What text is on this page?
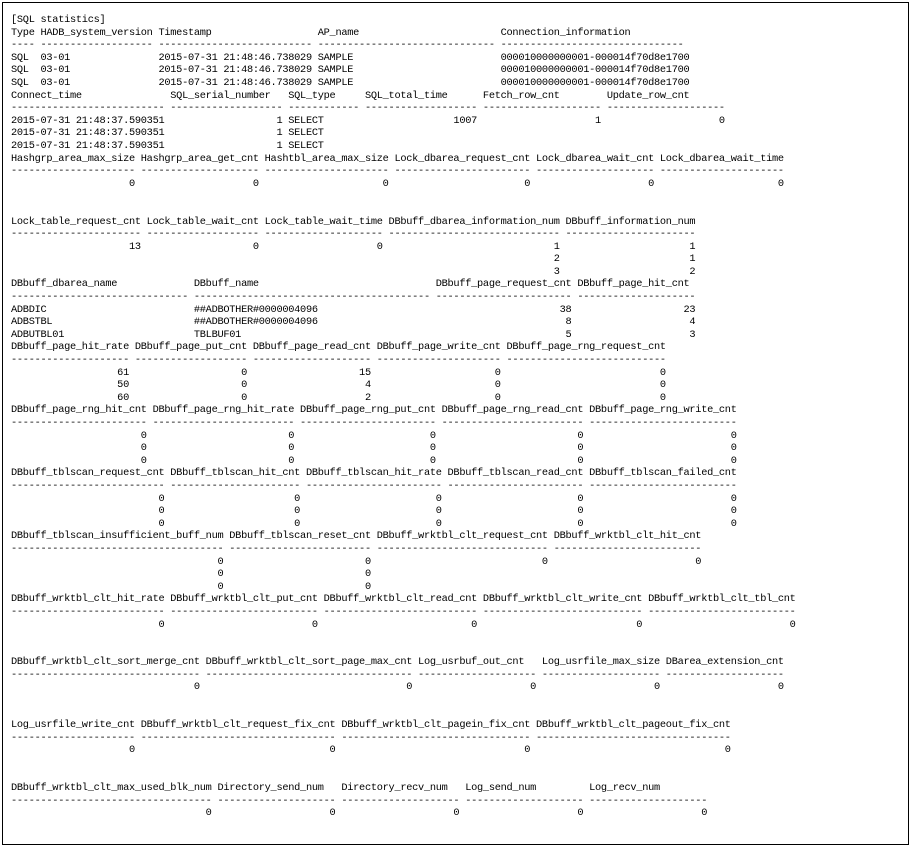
[SQL statistics]
Type HADB_system_version Timestamp                  AP_name                        Connection_information
---- ------------------- -------------------------- ------------------------------ -------------------------------
SQL  03-01               2015-07-31 21:48:46.738029 SAMPLE                         000010000000001-000014f70d8e1700
SQL  03-01               2015-07-31 21:48:46.738029 SAMPLE                         000010000000001-000014f70d8e1700
SQL  03-01               2015-07-31 21:48:46.738029 SAMPLE                         000010000000001-000014f70d8e1700
Connect_time               SQL_serial_number   SQL_type     SQL_total_time      Fetch_row_cnt        Update_row_cnt
-------------------------- ------------------- ------------ ------------------- -------------------- --------------------
2015-07-31 21:48:37.590351                   1 SELECT                      1007                    1                    0
2015-07-31 21:48:37.590351                   1 SELECT
2015-07-31 21:48:37.590351                   1 SELECT
Hashgrp_area_max_size Hashgrp_area_get_cnt Hashtbl_area_max_size Lock_dbarea_request_cnt Lock_dbarea_wait_cnt Lock_dbarea_wait_time
--------------------- -------------------- --------------------- ----------------------- -------------------- ---------------------
0                    0                     0                       0                    0                     0
Lock_table_request_cnt Lock_table_wait_cnt Lock_table_wait_time DBbuff_dbarea_information_num DBbuff_information_num
---------------------- ------------------- -------------------- ----------------------------- ----------------------
13                   0                    0                             1                      1
2                      1
3                      2
DBbuff_dbarea_name             DBbuff_name                              DBbuff_page_request_cnt DBbuff_page_hit_cnt
------------------------------ ---------------------------------------- ----------------------- --------------------
ADBDIC                         ##ADBOTHER#0000004096                                         38                   23
ADBSTBL                        ##ADBOTHER#0000004096                                          8                    4
ADBUTBL01                      TBLBUF01                                                       5                    3
DBbuff_page_hit_rate DBbuff_page_put_cnt DBbuff_page_read_cnt DBbuff_page_write_cnt DBbuff_page_rng_request_cnt
-------------------- ------------------- -------------------- --------------------- ---------------------------
61                   0                   15                     0                           0
50                   0                    4                     0                           0
60                   0                    2                     0                           0
DBbuff_page_rng_hit_cnt DBbuff_page_rng_hit_rate DBbuff_page_rng_put_cnt DBbuff_page_rng_read_cnt DBbuff_page_rng_write_cnt
----------------------- ------------------------ ----------------------- ------------------------ -------------------------
0                        0                       0                        0                         0
0                        0                       0                        0                         0
0                        0                       0                        0                         0
DBbuff_tblscan_request_cnt DBbuff_tblscan_hit_cnt DBbuff_tblscan_hit_rate DBbuff_tblscan_read_cnt DBbuff_tblscan_failed_cnt
-------------------------- ---------------------- ----------------------- ----------------------- -------------------------
0                      0                       0                       0                         0
0                      0                       0                       0                         0
0                      0                       0                       0                         0
DBbuff_tblscan_insufficient_buff_num DBbuff_tblscan_reset_cnt DBbuff_wrktbl_clt_request_cnt DBbuff_wrktbl_clt_hit_cnt
------------------------------------ ------------------------ ----------------------------- -------------------------
0                        0                             0                         0
0                        0
0                        0
DBbuff_wrktbl_clt_hit_rate DBbuff_wrktbl_clt_put_cnt DBbuff_wrktbl_clt_read_cnt DBbuff_wrktbl_clt_write_cnt DBbuff_wrktbl_clt_tbl_cnt
-------------------------- ------------------------- -------------------------- --------------------------- -------------------------
0                         0                          0                           0                         0
DBbuff_wrktbl_clt_sort_merge_cnt DBbuff_wrktbl_clt_sort_page_max_cnt Log_usrbuf_out_cnt   Log_usrfile_max_size DBarea_extension_cnt
-------------------------------- ----------------------------------- -------------------- -------------------- --------------------
0                                   0                    0                    0                    0
Log_usrfile_write_cnt DBbuff_wrktbl_clt_request_fix_cnt DBbuff_wrktbl_clt_pagein_fix_cnt DBbuff_wrktbl_clt_pageout_fix_cnt
--------------------- --------------------------------- -------------------------------- ---------------------------------
0                                 0                                0                                 0
DBbuff_wrktbl_clt_max_used_blk_num Directory_send_num   Directory_recv_num   Log_send_num         Log_recv_num
---------------------------------- -------------------- -------------------- -------------------- --------------------
0                    0                    0                    0                    0
